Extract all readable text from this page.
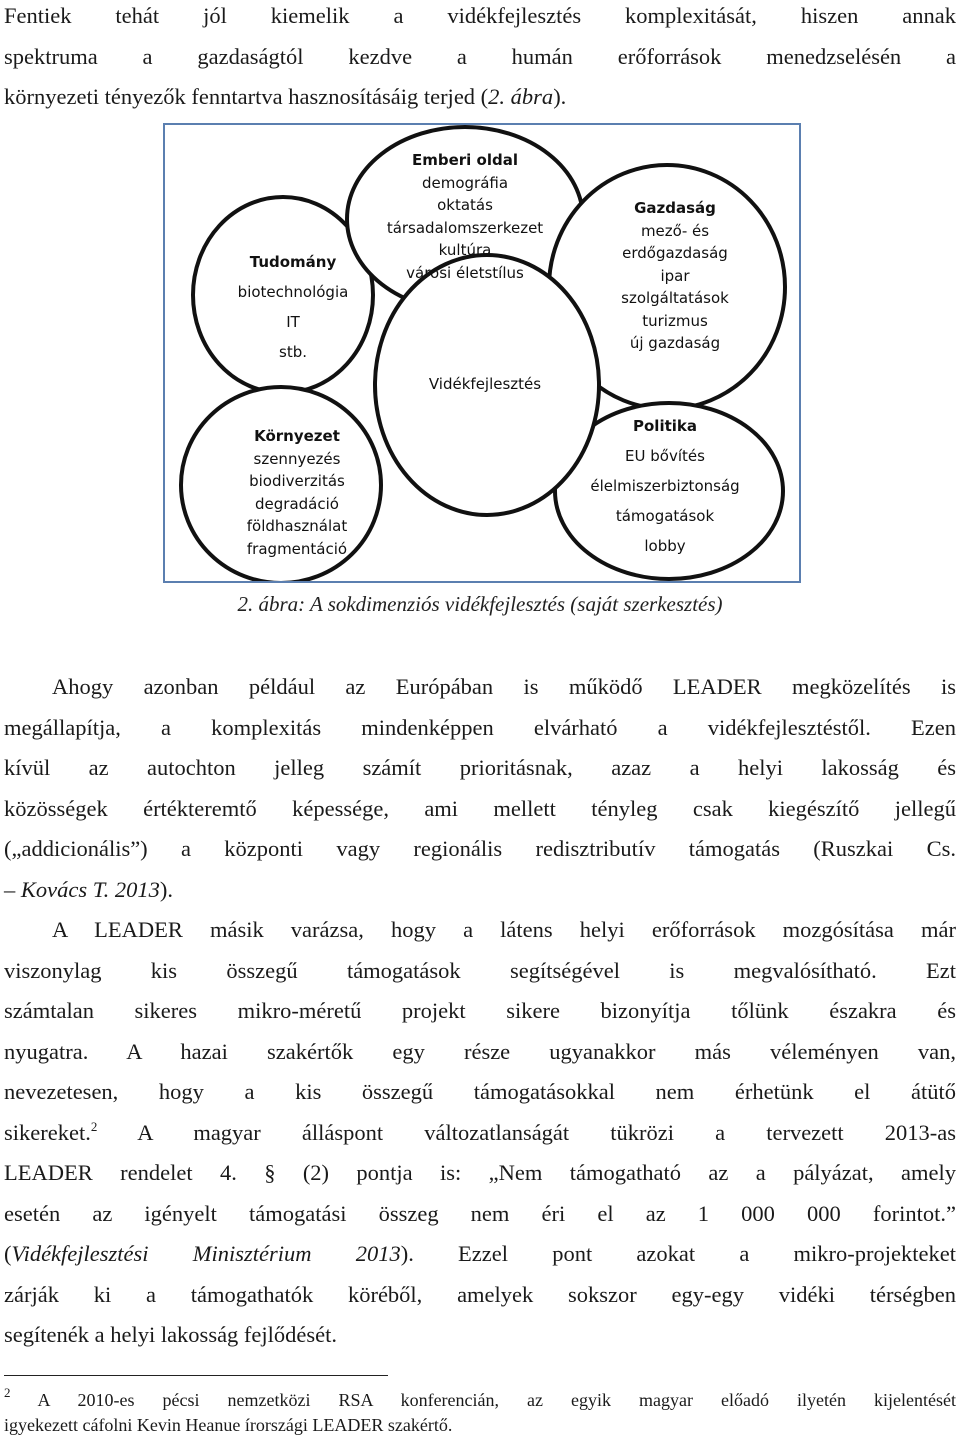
Fentiek tehát jól kiemelik a vidékfejlesztés komplexitását, hiszen annak
spektruma a gazdaságtól kezdve a humán erőforrások menedzselésén a
környezeti tényezők fenntartva hasznosításáig terjed (2. ábra).
Emberi oldal
demográfia
oktatás
társadalomszerkezet
kultúra
városi életstílus
Tudomány
biotechnológia
IT
stb.
Gazdaság
mező- és
erdőgazdaság
ipar
szolgáltatások
turizmus
új gazdaság
Vidékfejlesztés
Környezet
szennyezés
biodiverzitás
degradáció
földhasználat
fragmentáció
Politika
EU bővítés
élelmiszerbiztonság
támogatások
lobby
2. ábra: A sokdimenziós vidékfejlesztés (saját szerkesztés)
Ahogy azonban például az Európában is működő LEADER megközelítés is
megállapítja, a komplexitás mindenképpen elvárható a vidékfejlesztéstől. Ezen
kívül az autochton jelleg számít prioritásnak, azaz a helyi lakosság és
közösségek értékteremtő képessége, ami mellett tényleg csak kiegészítő jellegű
(„addicionális”) a központi vagy regionális redisztributív támogatás (Ruszkai Cs.
– Kovács T. 2013).
A LEADER másik varázsa, hogy a látens helyi erőforrások mozgósítása már
viszonylag kis összegű támogatások segítségével is megvalósítható. Ezt
számtalan sikeres mikro-méretű projekt sikere bizonyítja tőlünk északra és
nyugatra. A hazai szakértők egy része ugyanakkor más véleményen van,
nevezetesen, hogy a kis összegű támogatásokkal nem érhetünk el átütő
sikereket.$^2$ A magyar álláspont változatlanságát tükrözi a tervezett 2013-as
LEADER rendelet 4. § (2) pontja is: „Nem támogatható az a pályázat, amely
esetén az igényelt támogatási összeg nem éri el az 1 000 000 forintot.”
(Vidékfejlesztési Minisztérium 2013). Ezzel pont azokat a mikro-projekteket
zárják ki a támogathatók köréből, amelyek sokszor egy-egy vidéki térségben
segítenék a helyi lakosság fejlődését.
$^2$ A 2010-es pécsi nemzetközi RSA konferencián, az egyik magyar előadó ilyetén kijelentését
igyekezett cáfolni Kevin Heanue írországi LEADER szakértő.
